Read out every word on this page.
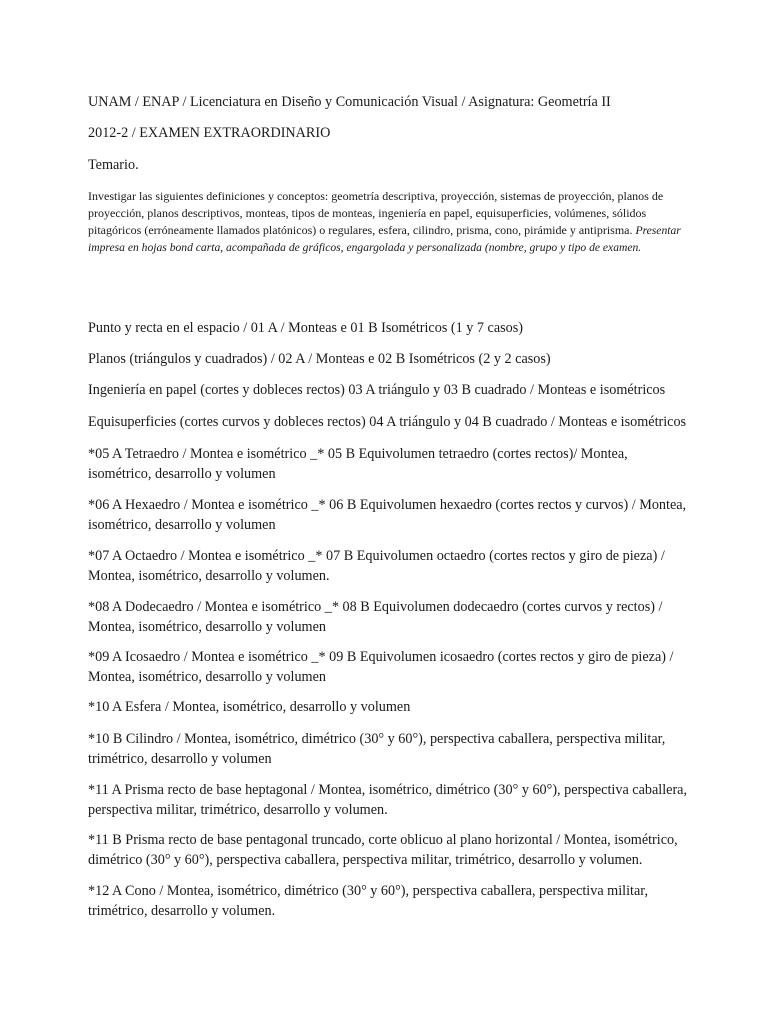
UNAM / ENAP / Licenciatura en Diseño y Comunicación Visual / Asignatura: Geometría II

2012-2 / EXAMEN EXTRAORDINARIO

Temario.

Investigar las siguientes definiciones y conceptos: geometría descriptiva, proyección, sistemas de proyección, planos de proyección, planos descriptivos, monteas, tipos de monteas, ingeniería en papel, equisuperficies, volúmenes, sólidos pitagóricos (erróneamente llamados platónicos) o regulares, esfera, cilindro, prisma, cono, pirámide y antiprisma. Presentar impresa en hojas bond carta, acompañada de gráficos, engargolada y personalizada (nombre, grupo y tipo de examen.

Punto y recta en el espacio / 01 A / Monteas e 01 B Isométricos (1 y 7 casos)

Planos (triángulos y cuadrados) / 02 A / Monteas e 02 B Isométricos (2 y 2 casos)

Ingeniería en papel (cortes y dobleces rectos) 03 A triángulo y 03 B cuadrado / Monteas e isométricos

Equisuperficies (cortes curvos y dobleces rectos) 04 A triángulo y 04 B cuadrado / Monteas e isométricos

*05 A Tetraedro / Montea e isométrico _* 05 B Equivolumen tetraedro (cortes rectos)/ Montea, isométrico, desarrollo y volumen

*06 A Hexaedro / Montea e isométrico _* 06 B Equivolumen hexaedro (cortes rectos y curvos) / Montea, isométrico, desarrollo y volumen

*07 A Octaedro / Montea e isométrico _* 07 B Equivolumen octaedro (cortes rectos y giro de pieza) / Montea, isométrico, desarrollo y volumen.

*08 A Dodecaedro / Montea e isométrico _* 08 B Equivolumen dodecaedro (cortes curvos y rectos) / Montea, isométrico, desarrollo y volumen

*09 A Icosaedro / Montea e isométrico _* 09 B Equivolumen icosaedro (cortes rectos y giro de pieza) / Montea, isométrico, desarrollo y volumen

*10 A Esfera / Montea, isométrico, desarrollo y volumen

*10 B Cilindro / Montea, isométrico, dimétrico (30° y 60°), perspectiva caballera, perspectiva militar, trimétrico, desarrollo y volumen

*11 A Prisma recto de base heptagonal / Montea, isométrico, dimétrico (30° y 60°), perspectiva caballera, perspectiva militar, trimétrico, desarrollo y volumen.

*11 B Prisma recto de base pentagonal truncado, corte oblicuo al plano horizontal / Montea, isométrico, dimétrico (30° y 60°), perspectiva caballera, perspectiva militar, trimétrico, desarrollo y volumen.

*12 A Cono / Montea, isométrico, dimétrico (30° y 60°), perspectiva caballera, perspectiva militar, trimétrico, desarrollo y volumen.
